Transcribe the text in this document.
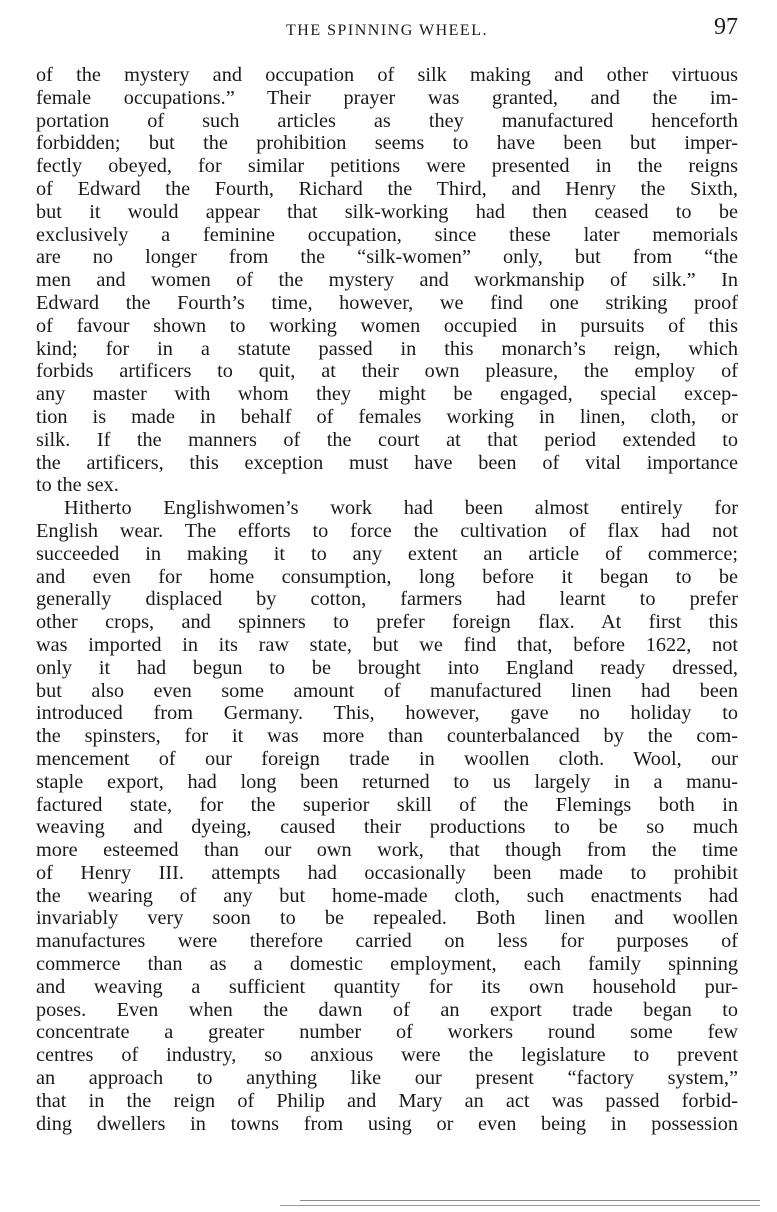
THE SPINNING WHEEL.	97
of the mystery and occupation of silk making and other virtuous
female occupations.” Their prayer was granted, and the im-
portation of such articles as they manufactured henceforth
forbidden; but the prohibition seems to have been but imper-
fectly obeyed, for similar petitions were presented in the reigns
of Edward the Fourth, Richard the Third, and Henry the Sixth,
but it would appear that silk-working had then ceased to be
exclusively a feminine occupation, since these later memorials
are no longer from the “silk-women” only, but from “the
men and women of the mystery and workmanship of silk.” In
Edward the Fourth’s time, however, we find one striking proof
of favour shown to working women occupied in pursuits of this
kind; for in a statute passed in this monarch’s reign, which
forbids artificers to quit, at their own pleasure, the employ of
any master with whom they might be engaged, special excep-
tion is made in behalf of females working in linen, cloth, or
silk. If the manners of the court at that period extended to
the artificers, this exception must have been of vital importance
to the sex.
Hitherto Englishwomen’s work had been almost entirely for
English wear. The efforts to force the cultivation of flax had not
succeeded in making it to any extent an article of commerce;
and even for home consumption, long before it began to be
generally displaced by cotton, farmers had learnt to prefer
other crops, and spinners to prefer foreign flax. At first this
was imported in its raw state, but we find that, before 1622, not
only it had begun to be brought into England ready dressed,
but also even some amount of manufactured linen had been
introduced from Germany. This, however, gave no holiday to
the spinsters, for it was more than counterbalanced by the com-
mencement of our foreign trade in woollen cloth. Wool, our
staple export, had long been returned to us largely in a manu-
factured state, for the superior skill of the Flemings both in
weaving and dyeing, caused their productions to be so much
more esteemed than our own work, that though from the time
of Henry III. attempts had occasionally been made to prohibit
the wearing of any but home-made cloth, such enactments had
invariably very soon to be repealed. Both linen and woollen
manufactures were therefore carried on less for purposes of
commerce than as a domestic employment, each family spinning
and weaving a sufficient quantity for its own household pur-
poses. Even when the dawn of an export trade began to
concentrate a greater number of workers round some few
centres of industry, so anxious were the legislature to prevent
an approach to anything like our present “factory system,”
that in the reign of Philip and Mary an act was passed forbid-
ding dwellers in towns from using or even being in possession
